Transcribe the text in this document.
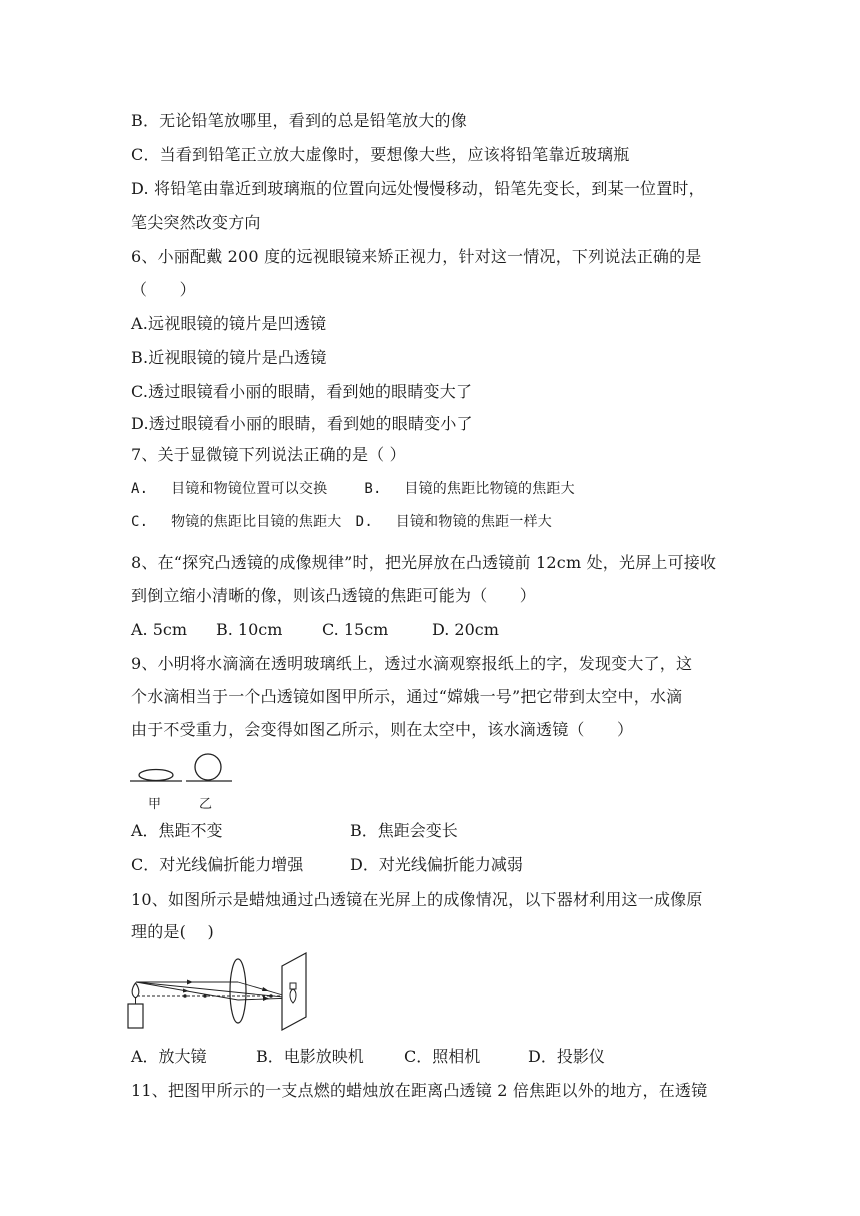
B．无论铅笔放哪里，看到的总是铅笔放大的像
C．当看到铅笔正立放大虚像时，要想像大些，应该将铅笔靠近玻璃瓶
D. 将铅笔由靠近到玻璃瓶的位置向远处慢慢移动，铅笔先变长，到某一位置时，
笔尖突然改变方向
6、小丽配戴 200 度的远视眼镜来矫正视力，针对这一情况，下列说法正确的是
（　　）
A.远视眼镜的镜片是凹透镜
B.近视眼镜的镜片是凸透镜
C.透过眼镜看小丽的眼睛，看到她的眼睛变大了
D.透过眼镜看小丽的眼睛，看到她的眼睛变小了
7、关于显微镜下列说法正确的是（ ）
A.　 目镜和物镜位置可以交换　　 B.　 目镜的焦距比物镜的焦距大
C.　 物镜的焦距比目镜的焦距大　D.　 目镜和物镜的焦距一样大
8、在“探究凸透镜的成像规律”时，把光屏放在凸透镜前 12cm 处，光屏上可接收
到倒立缩小清晰的像，则该凸透镜的焦距可能为（　　）
A. 5cm B. 10cm C. 15cm	D. 20cm
9、小明将水滴滴在透明玻璃纸上，透过水滴观察报纸上的字，发现变大了，这
个水滴相当于一个凸透镜如图甲所示，通过“嫦娥一号”把它带到太空中，水滴
由于不受重力，会变得如图乙所示，则在太空中，该水滴透镜（　　）
甲	乙
A．焦距不变	B．焦距会变长
C．对光线偏折能力增强	D．对光线偏折能力减弱
10、如图所示是蜡烛通过凸透镜在光屏上的成像情况，以下器材利用这一成像原
理的是(　 )
A．放大镜	B．电影放映机	C．照相机	D．投影仪
11、把图甲所示的一支点燃的蜡烛放在距离凸透镜 2 倍焦距以外的地方，在透镜
